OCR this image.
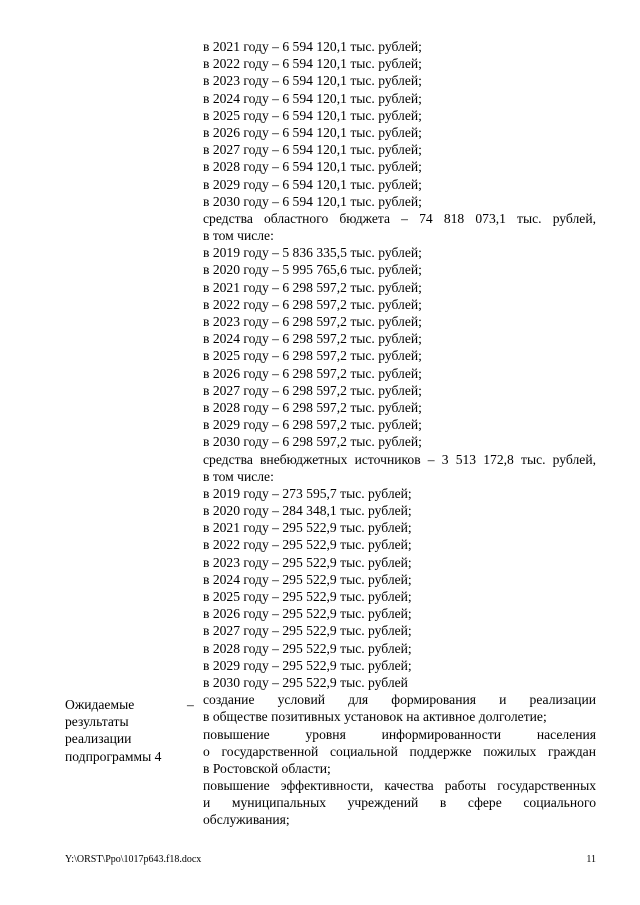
в 2021 году – 6 594 120,1 тыс. рублей;
в 2022 году – 6 594 120,1 тыс. рублей;
в 2023 году – 6 594 120,1 тыс. рублей;
в 2024 году – 6 594 120,1 тыс. рублей;
в 2025 году – 6 594 120,1 тыс. рублей;
в 2026 году – 6 594 120,1 тыс. рублей;
в 2027 году – 6 594 120,1 тыс. рублей;
в 2028 году – 6 594 120,1 тыс. рублей;
в 2029 году – 6 594 120,1 тыс. рублей;
в 2030 году – 6 594 120,1 тыс. рублей;
средства областного бюджета – 74 818 073,1 тыс. рублей,
в том числе:
в 2019 году – 5 836 335,5 тыс. рублей;
в 2020 году – 5 995 765,6 тыс. рублей;
в 2021 году – 6 298 597,2 тыс. рублей;
в 2022 году – 6 298 597,2 тыс. рублей;
в 2023 году – 6 298 597,2 тыс. рублей;
в 2024 году – 6 298 597,2 тыс. рублей;
в 2025 году – 6 298 597,2 тыс. рублей;
в 2026 году – 6 298 597,2 тыс. рублей;
в 2027 году – 6 298 597,2 тыс. рублей;
в 2028 году – 6 298 597,2 тыс. рублей;
в 2029 году – 6 298 597,2 тыс. рублей;
в 2030 году – 6 298 597,2 тыс. рублей;
средства внебюджетных источников – 3 513 172,8 тыс. рублей,
в том числе:
в 2019 году – 273 595,7 тыс. рублей;
в 2020 году – 284 348,1 тыс. рублей;
в 2021 году – 295 522,9 тыс. рублей;
в 2022 году – 295 522,9 тыс. рублей;
в 2023 году – 295 522,9 тыс. рублей;
в 2024 году – 295 522,9 тыс. рублей;
в 2025 году – 295 522,9 тыс. рублей;
в 2026 году – 295 522,9 тыс. рублей;
в 2027 году – 295 522,9 тыс. рублей;
в 2028 году – 295 522,9 тыс. рублей;
в 2029 году – 295 522,9 тыс. рублей;
в 2030 году – 295 522,9 тыс. рублей
создание условий для формирования и реализации
в обществе позитивных установок на активное долголетие;
повышение уровня информированности населения
о государственной социальной поддержке пожилых граждан
в Ростовской области;
повышение эффективности, качества работы государственных
и муниципальных учреждений в сфере социального
обслуживания;
Ожидаемые
результаты
реализации
подпрограммы 4
–
Y:\ORST\Ppo\1017p643.f18.docx	11
